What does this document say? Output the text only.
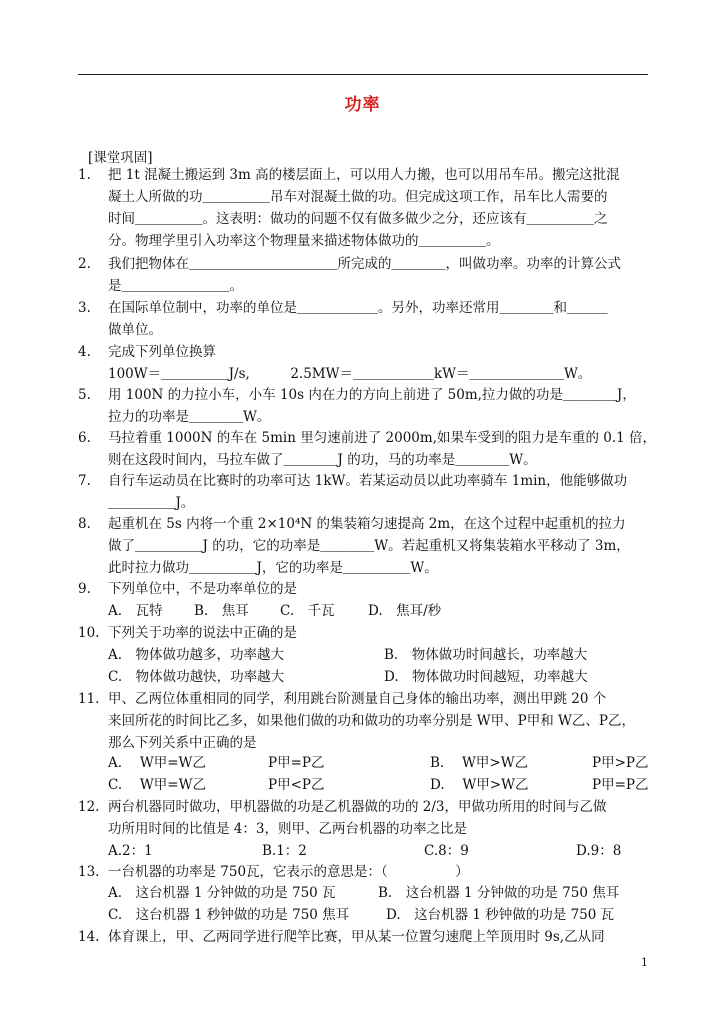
功率
[课堂巩固]
1. 把 1t 混凝土搬运到 3m 高的楼层面上，可以用人力搬，也可以用吊车吊。搬完这批混
凝土人所做的功＿＿＿＿＿吊车对混凝土做的功。但完成这项工作，吊车比人需要的
时间＿＿＿＿＿。这表明：做功的问题不仅有做多做少之分，还应该有＿＿＿＿＿之
分。物理学里引入功率这个物理量来描述物体做功的＿＿＿＿＿。
2. 我们把物体在＿＿＿＿＿＿＿＿＿＿＿所完成的＿＿＿＿，叫做功率。功率的计算公式
是＿＿＿＿＿＿＿＿。
3. 在国际单位制中，功率的单位是＿＿＿＿＿＿。另外，功率还常用＿＿＿＿和＿＿＿
做单位。
4. 完成下列单位换算
100W＝＿＿＿＿＿J/s,　　　2.5MW＝＿＿＿＿＿＿kW＝＿＿＿＿＿＿＿W。
5. 用 100N 的力拉小车，小车 10s 内在力的方向上前进了 50m,拉力做的功是＿＿＿＿J，
拉力的功率是＿＿＿＿W。
6. 马拉着重 1000N 的车在 5min 里匀速前进了 2000m,如果车受到的阻力是车重的 0.1 倍，
则在这段时间内，马拉车做了＿＿＿＿J 的功，马的功率是＿＿＿＿W。
7. 自行车运动员在比赛时的功率可达 1kW。若某运动员以此功率骑车 1min，他能够做功
＿＿＿＿＿J。
8. 起重机在 5s 内将一个重 2×10⁴N 的集装箱匀速提高 2m，在这个过程中起重机的拉力
做了＿＿＿＿＿J 的功，它的功率是＿＿＿＿W。若起重机又将集装箱水平移动了 3m，
此时拉力做功＿＿＿＿＿J，它的功率是＿＿＿＿＿W。
9. 下列单位中，不是功率单位的是
A.　瓦特 B.　焦耳 C.　千瓦 D.　焦耳/秒
10. 下列关于功率的说法中正确的是
A.　物体做功越多，功率越大	B.　物体做功时间越长，功率越大
C.　物体做功越快，功率越大	D.　物体做功时间越短，功率越大
11. 甲、乙两位体重相同的同学，利用跳台阶测量自己身体的输出功率，测出甲跳 20 个
来回所花的时间比乙多，如果他们做的功和做功的功率分别是 W甲、P甲和 W乙、P乙，
那么下列关系中正确的是
A.　 W甲=W乙	P甲=P乙	B.　 W甲>W乙	P甲>P乙
C.　 W甲=W乙	P甲<P乙	D.　 W甲>W乙	P甲=P乙
12. 两台机器同时做功，甲机器做的功是乙机器做的功的 2/3，甲做功所用的时间与乙做
功所用时间的比值是 4：3，则甲、乙两台机器的功率之比是
A.2：1	B.1：2	C.8：9	D.9：8
13. 一台机器的功率是 750瓦，它表示的意思是：（　　　　　）
A.　这台机器 1 分钟做的功是 750 瓦	B.　这台机器 1 分钟做的功是 750 焦耳
C.　这台机器 1 秒钟做的功是 750 焦耳	D.　这台机器 1 秒钟做的功是 750 瓦
14. 体育课上，甲、乙两同学进行爬竿比赛，甲从某一位置匀速爬上竿顶用时 9s,乙从同
1
